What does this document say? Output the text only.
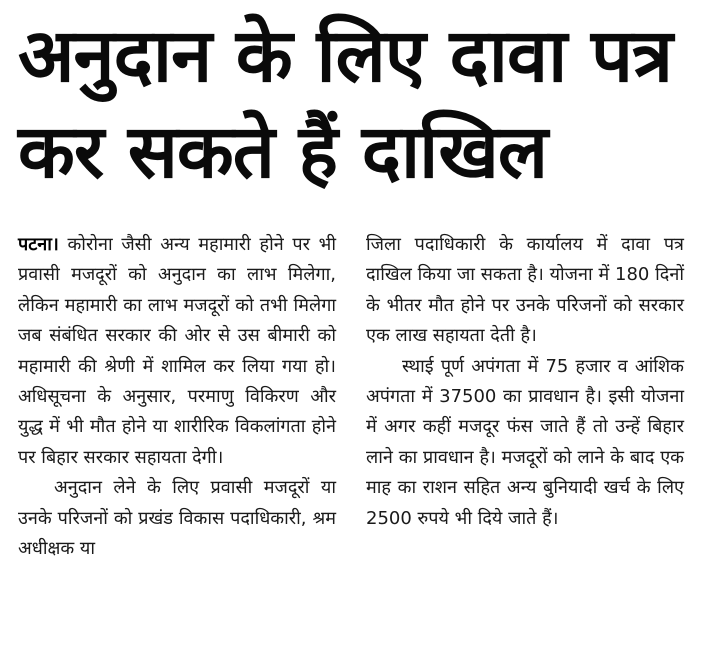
अनुदान के लिए दावा पत्र
कर सकते हैं दाखिल

पटना। कोरोना जैसी अन्य महामारी होने पर भी प्रवासी मजदूरों को अनुदान का लाभ मिलेगा, लेकिन महामारी का लाभ मजदूरों को तभी मिलेगा जब संबंधित सरकार की ओर से उस बीमारी को महामारी की श्रेणी में शामिल कर लिया गया हो। अधिसूचना के अनुसार, परमाणु विकिरण और युद्ध में भी मौत होने या शारीरिक विकलांगता होने पर बिहार सरकार सहायता देगी।

अनुदान लेने के लिए प्रवासी मजदूरों या उनके परिजनों को प्रखंड विकास पदाधिकारी, श्रम अधीक्षक या

जिला पदाधिकारी के कार्यालय में दावा पत्र दाखिल किया जा सकता है। योजना में 180 दिनों के भीतर मौत होने पर उनके परिजनों को सरकार एक लाख सहायता देती है।

स्थाई पूर्ण अपंगता में 75 हजार व आंशिक अपंगता में 37500 का प्रावधान है। इसी योजना में अगर कहीं मजदूर फंस जाते हैं तो उन्हें बिहार लाने का प्रावधान है। मजदूरों को लाने के बाद एक माह का राशन सहित अन्य बुनियादी खर्च के लिए 2500 रुपये भी दिये जाते हैं।
